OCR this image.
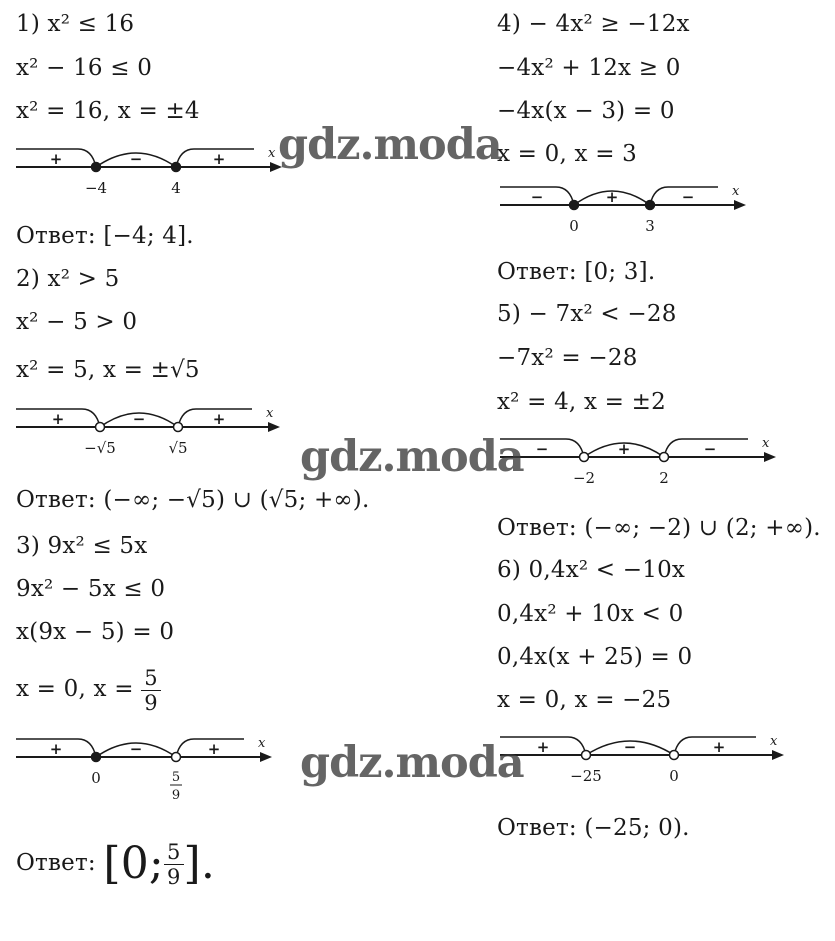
1) x² ≤ 16
x² − 16 ≤ 0
x² = 16, x = ±4
x
+	−	+
−4	4
Ответ: [−4; 4].
2) x² > 5
x² − 5 > 0
x² = 5, x = ±√5
x
+	−	+
−√5	√5
Ответ: (−∞; −√5) ∪ (√5; +∞).
3) 9x² ≤ 5x
9x² − 5x ≤ 0
x(9x − 5) = 0
x = 0, $x = \frac{5}{9}$
x
+	−	+
0	5
9
Ответ: [0; $\frac{5}{9}$ ].
4) − 4x² ≥ −12x
−4x² + 12x ≥ 0
−4x(x − 3) = 0
x = 0, x = 3
x
−	+	−
0	3
Ответ: [0; 3].
5) − 7x² < −28
−7x² = −28
x² = 4, x = ±2
x
−	+	−
−2	2
Ответ: (−∞; −2) ∪ (2; +∞).
6) 0,4x² < −10x
0,4x² + 10x < 0
0,4x(x + 25) = 0
x = 0, x = −25
x
+	−	+
−25	0
Ответ: (−25; 0).
gdz.moda
gdz.moda
gdz.moda
